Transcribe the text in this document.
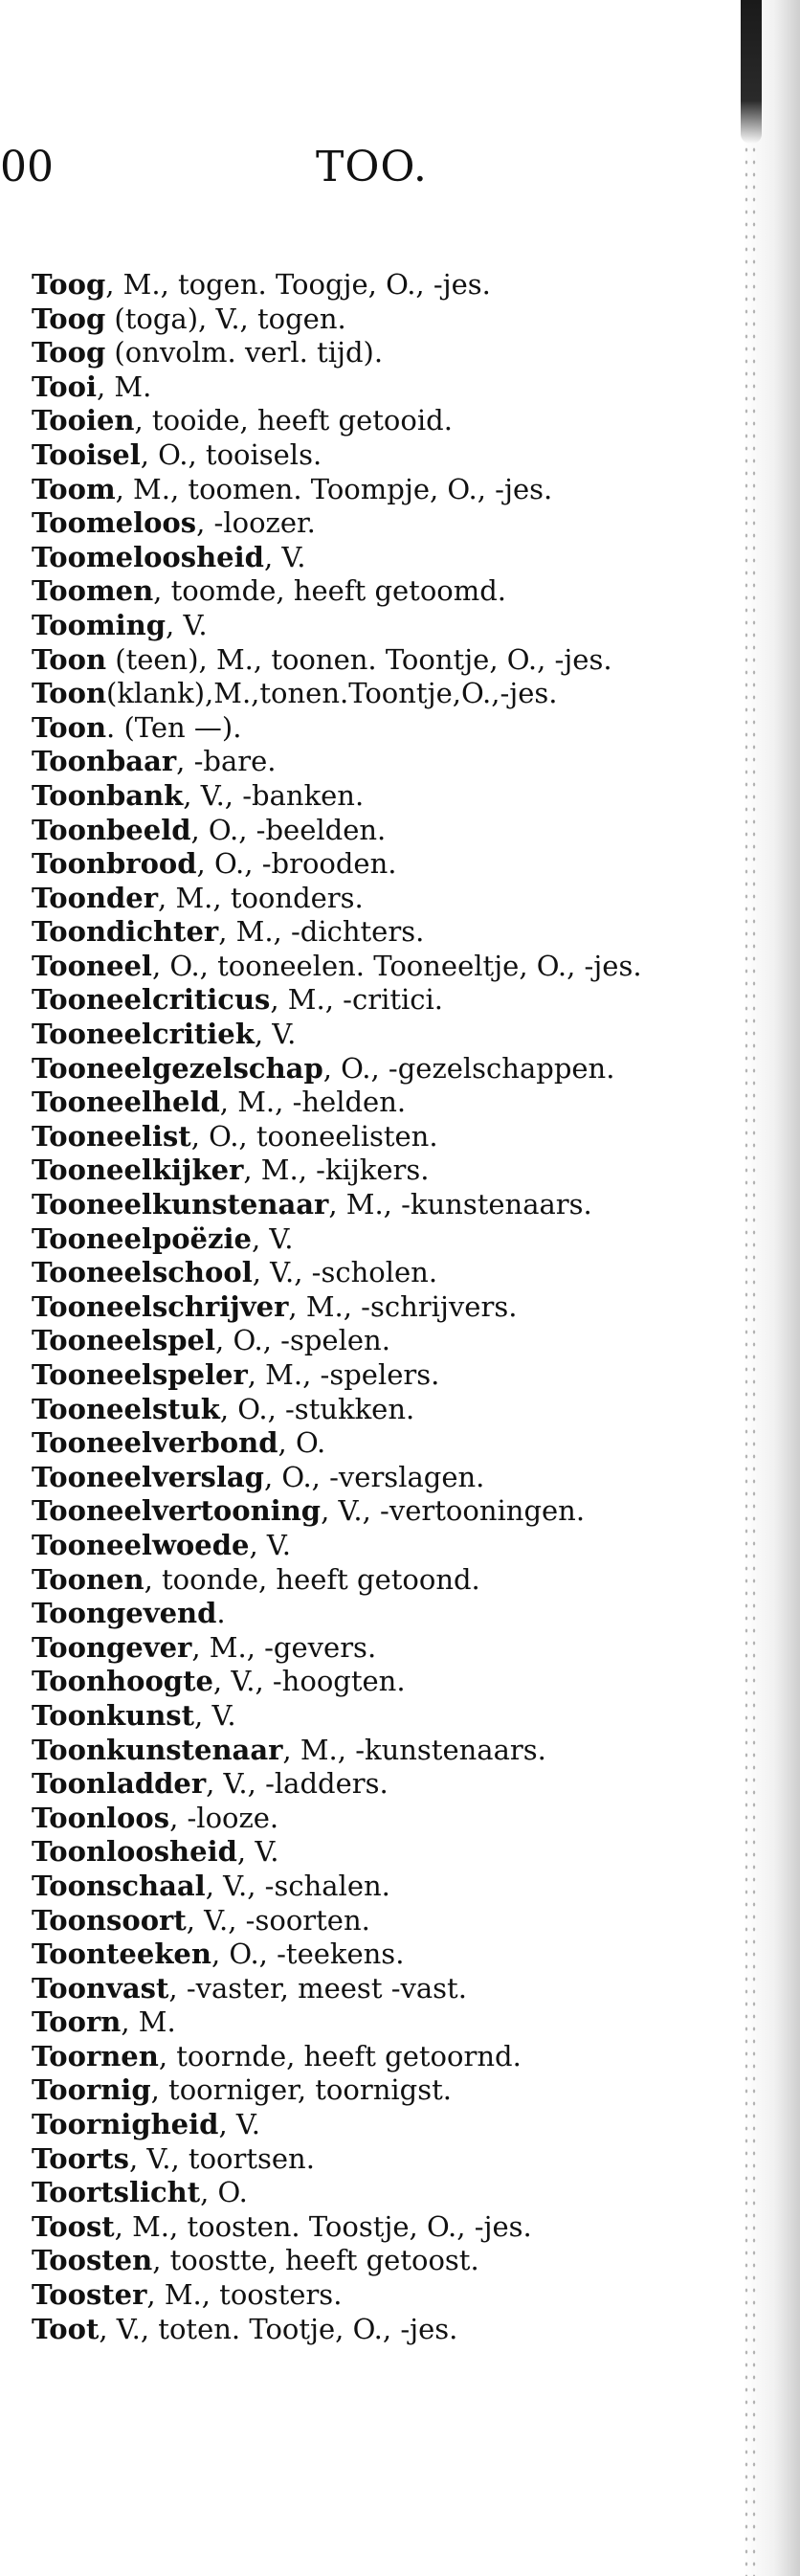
00	TOO.
Toog, M., togen. Toogje, O., -jes.
Toog (toga), V., togen.
Toog (onvolm. verl. tijd).
Tooi, M.
Tooien, tooide, heeft getooid.
Tooisel, O., tooisels.
Toom, M., toomen. Toompje, O., -jes.
Toomeloos, -loozer.
Toomeloosheid, V.
Toomen, toomde, heeft getoomd.
Tooming, V.
Toon (teen), M., toonen. Toontje, O., -jes.
Toon(klank),M.,tonen.Toontje,O.,-jes.
Toon. (Ten —).
Toonbaar, -bare.
Toonbank, V., -banken.
Toonbeeld, O., -beelden.
Toonbrood, O., -brooden.
Toonder, M., toonders.
Toondichter, M., -dichters.
Tooneel, O., tooneelen. Tooneeltje, O., -jes.
Tooneelcriticus, M., -critici.
Tooneelcritiek, V.
Tooneelgezelschap, O., -gezelschappen.
Tooneelheld, M., -helden.
Tooneelist, O., tooneelisten.
Tooneelkijker, M., -kijkers.
Tooneelkunstenaar, M., -kunstenaars.
Tooneelpoëzie, V.
Tooneelschool, V., -scholen.
Tooneelschrijver, M., -schrijvers.
Tooneelspel, O., -spelen.
Tooneelspeler, M., -spelers.
Tooneelstuk, O., -stukken.
Tooneelverbond, O.
Tooneelverslag, O., -verslagen.
Tooneelvertooning, V., -vertooningen.
Tooneelwoede, V.
Toonen, toonde, heeft getoond.
Toongevend.
Toongever, M., -gevers.
Toonhoogte, V., -hoogten.
Toonkunst, V.
Toonkunstenaar, M., -kunstenaars.
Toonladder, V., -ladders.
Toonloos, -looze.
Toonloosheid, V.
Toonschaal, V., -schalen.
Toonsoort, V., -soorten.
Toonteeken, O., -teekens.
Toonvast, -vaster, meest -vast.
Toorn, M.
Toornen, toornde, heeft getoornd.
Toornig, toorniger, toornigst.
Toornigheid, V.
Toorts, V., toortsen.
Toortslicht, O.
Toost, M., toosten. Toostje, O., -jes.
Toosten, toostte, heeft getoost.
Tooster, M., toosters.
Toot, V., toten. Tootje, O., -jes.
